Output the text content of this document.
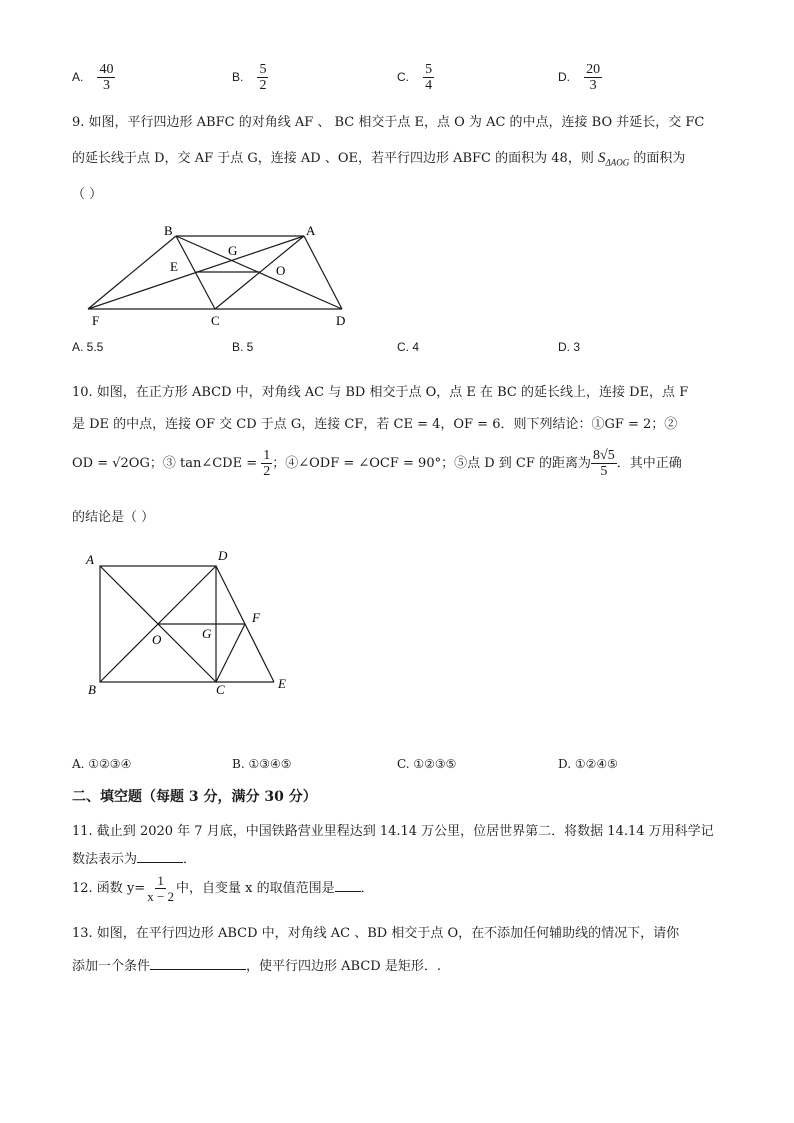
A. $\frac{40}{3}$	B. $\frac{5}{2}$	C. $\frac{5}{4}$	D. $\frac{20}{3}$
9. 如图，平行四边形 ABFC 的对角线 AF 、 BC 相交于点 E，点 O 为 AC 的中点，连接 BO 并延长，交 FC
的延长线于点 D，交 AF 于点 G，连接 AD 、OE，若平行四边形 ABFC 的面积为 48，则 $S_{\Delta AOG}$ 的面积为
（ ）
B	A
G
E	O
F	C	D
A. 5.5	B. 5	C. 4	D. 3
10. 如图，在正方形 ABCD 中，对角线 AC 与 BD 相交于点 O，点 E 在 BC 的延长线上，连接 DE，点 F
是 DE 的中点，连接 OF 交 CD 于点 G，连接 CF，若 CE = 4，OF = 6．则下列结论：①GF = 2；②
OD = √2OG；③ tan∠CDE = $\frac{1}{2}$ ；④∠ODF = ∠OCF = 90°；⑤点 D 到 CF 的距离为 $\frac{8√5}{5}$ ．其中正确
的结论是（ ）
A	D
F
O	G
B	C	E
A. ①②③④	B. ①③④⑤	C. ①②③⑤	D. ①②④⑤
二、填空题（每题 3 分，满分 30 分）
11. 截止到 2020 年 7 月底，中国铁路营业里程达到 14.14 万公里，位居世界第二．将数据 14.14 万用科学记
数法表示为	．
12. 函数 $y= \frac{1}{x - 2}$ 中，自变量 x 的取值范围是 ．
13. 如图，在平行四边形 ABCD 中，对角线 AC 、BD 相交于点 O，在不添加任何辅助线的情况下，请你
添加一个条件	，使平行四边形 ABCD 是矩形．.
